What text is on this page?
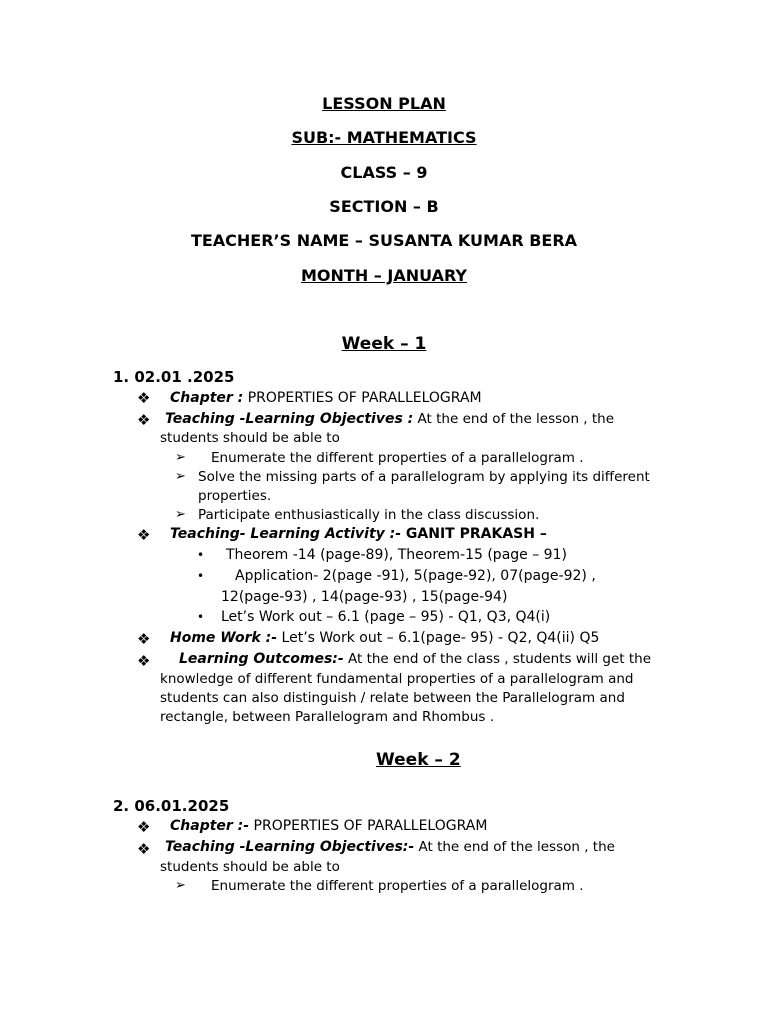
LESSON PLAN
SUB:- MATHEMATICS
CLASS – 9
SECTION – B
TEACHER’S NAME – SUSANTA KUMAR BERA
MONTH – JANUARY
Week – 1
1. 02.01 .2025
❖ Chapter : PROPERTIES OF PARALLELOGRAM
❖ Teaching -Learning Objectives : At the end of the lesson , the
students should be able to
➢ Enumerate the different properties of a parallelogram .
➢ Solve the missing parts of a parallelogram by applying its different
properties.
➢ Participate enthusiastically in the class discussion.
❖ Teaching- Learning Activity :- GANIT PRAKASH –
• Theorem -14 (page-89), Theorem-15 (page – 91)
• Application- 2(page -91), 5(page-92), 07(page-92) ,
12(page-93) , 14(page-93) , 15(page-94)
• Let’s Work out – 6.1 (page – 95) - Q1, Q3, Q4(i)
❖ Home Work :- Let’s Work out – 6.1(page- 95) - Q2, Q4(ii) Q5
❖ Learning Outcomes:- At the end of the class , students will get the
knowledge of different fundamental properties of a parallelogram and
students can also distinguish / relate between the Parallelogram and
rectangle, between Parallelogram and Rhombus .
Week – 2
2. 06.01.2025
❖ Chapter :- PROPERTIES OF PARALLELOGRAM
❖ Teaching -Learning Objectives:- At the end of the lesson , the
students should be able to
➢ Enumerate the different properties of a parallelogram .
